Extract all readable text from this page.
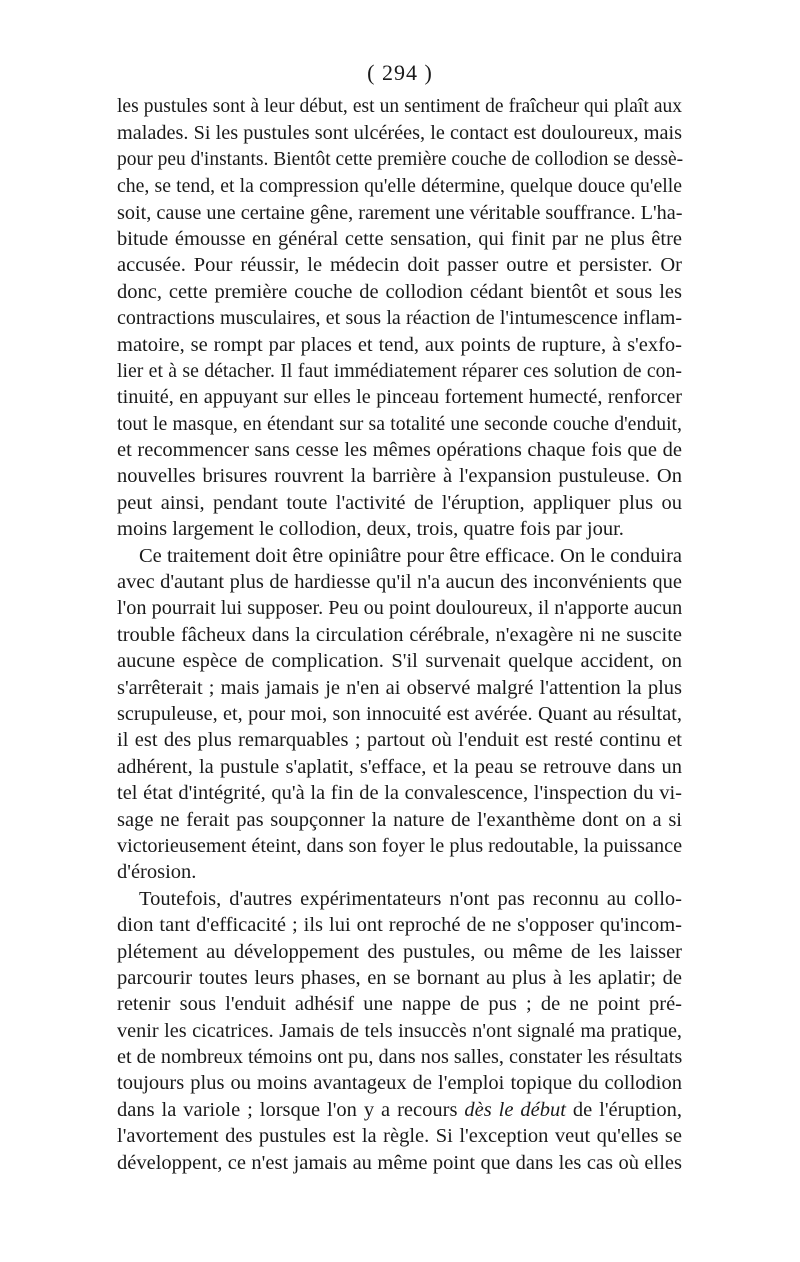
( 294 )
les pustules sont à leur début, est un sentiment de fraîcheur qui plaît aux
malades. Si les pustules sont ulcérées, le contact est douloureux, mais
pour peu d'instants. Bientôt cette première couche de collodion se dessè-
che, se tend, et la compression qu'elle détermine, quelque douce qu'elle
soit, cause une certaine gêne, rarement une véritable souffrance. L'ha-
bitude émousse en général cette sensation, qui finit par ne plus être
accusée. Pour réussir, le médecin doit passer outre et persister. Or
donc, cette première couche de collodion cédant bientôt et sous les
contractions musculaires, et sous la réaction de l'intumescence inflam-
matoire, se rompt par places et tend, aux points de rupture, à s'exfo-
lier et à se détacher. Il faut immédiatement réparer ces solution de con-
tinuité, en appuyant sur elles le pinceau fortement humecté, renforcer
tout le masque, en étendant sur sa totalité une seconde couche d'enduit,
et recommencer sans cesse les mêmes opérations chaque fois que de
nouvelles brisures rouvrent la barrière à l'expansion pustuleuse. On
peut ainsi, pendant toute l'activité de l'éruption, appliquer plus ou
moins largement le collodion, deux, trois, quatre fois par jour.
Ce traitement doit être opiniâtre pour être efficace. On le conduira
avec d'autant plus de hardiesse qu'il n'a aucun des inconvénients que
l'on pourrait lui supposer. Peu ou point douloureux, il n'apporte aucun
trouble fâcheux dans la circulation cérébrale, n'exagère ni ne suscite
aucune espèce de complication. S'il survenait quelque accident, on
s'arrêterait ; mais jamais je n'en ai observé malgré l'attention la plus
scrupuleuse, et, pour moi, son innocuité est avérée. Quant au résultat,
il est des plus remarquables ; partout où l'enduit est resté continu et
adhérent, la pustule s'aplatit, s'efface, et la peau se retrouve dans un
tel état d'intégrité, qu'à la fin de la convalescence, l'inspection du vi-
sage ne ferait pas soupçonner la nature de l'exanthème dont on a si
victorieusement éteint, dans son foyer le plus redoutable, la puissance
d'érosion.
Toutefois, d'autres expérimentateurs n'ont pas reconnu au collo-
dion tant d'efficacité ; ils lui ont reproché de ne s'opposer qu'incom-
plétement au développement des pustules, ou même de les laisser
parcourir toutes leurs phases, en se bornant au plus à les aplatir; de
retenir sous l'enduit adhésif une nappe de pus ; de ne point pré-
venir les cicatrices. Jamais de tels insuccès n'ont signalé ma pratique,
et de nombreux témoins ont pu, dans nos salles, constater les résultats
toujours plus ou moins avantageux de l'emploi topique du collodion
dans la variole ; lorsque l'on y a recours dès le début de l'éruption,
l'avortement des pustules est la règle. Si l'exception veut qu'elles se
développent, ce n'est jamais au même point que dans les cas où elles
